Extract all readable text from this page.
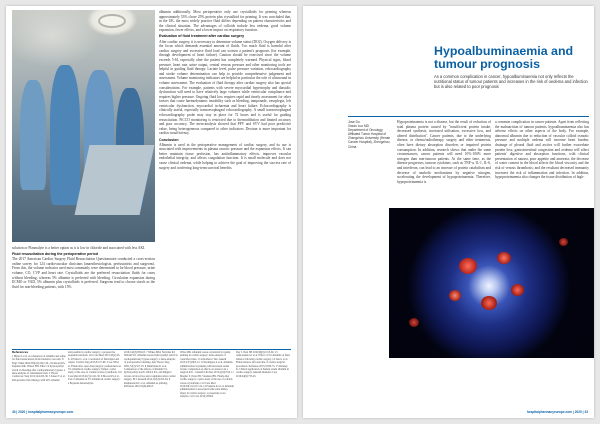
albumin additionally. Most perioperative only use crystalloids for priming whereas approximately 53% chose 25% protein plus crystalloid for priming. It was concluded that, in the UK, the most widely practice fluid differs depending on patient characteristics and the clinical situation. The advantages of colloids include less oedema, good volume expansion, fewer effects, and a lower impact on respiratory function.

Evaluation of fluid treatment after cardiac surgery

After cardiac surgery, it is necessary to determine volume status (DO2). Oxygen delivery is the focus which demands essential amount of fluids. Too much fluid is harmful after cardiac surgery and excessive fluid load can worsen a patient's prognosis (for example, through development of heart failure). Caution should be exercised since the volume exceeds 5-6L especially after the patient has completely warmed. Physical signs, blood pressure, heart rate, urine output, central venous pressure and other monitoring tools are helpful in guiding fluid therapy. Lactate level, pulse pressure variation, echocardiography and stroke volume determination can help to provide comprehensive judgement and assessment. Volume monitoring indicators are helpful in particular the role of ultrasound in volume assessment. The evaluation of fluid therapy after cardiac surgery also has special considerations. For example, patients with severe myocardial hypertrophy and diastolic dysfunction will need to have relatively large volumes while ventricular compliance and requires higher pressure. Ongoing fluid loss requires rapid and timely assessment for other factors that cause haemodynamic instability such as bleeding, tamponade, vasoplegia, left ventricular dysfunction, myocardial ischaemia and heart failure. Echocardiography is clinically useful, especially transoesophageal echocardiography. A small transoesophageal echocardiography probe may stay in place for 72 hours and is useful for guiding resuscitation. PiCCO monitoring is restricted due to thermodilution and limited accuracy and poor accuracy. The meta-analysis showed that PPV and SVV had poor predictive value, being heterogeneous compared to other indicators. Dextran is more important for cardiac insufficiency.

Conclusion

Albumin is used in the perioperative management of cardiac surgery, and its use is associated with improvements in plasma oncotic pressure and the expansion effects. It can better maintain tissue perfusion, has antiinflammatory effects, improves vascular endothelial integrity, and affects coagulation function. It is small molecule and does not cause clinical oedema, while helping to achieve the goal of improving the success rate of surgery and conferring long-term survival benefits.

solution or Plasmalyte is a better option as it is low in chloride and associated with less AKI.

Fluid resuscitation during the perioperative period

The 2017 American Cardiac Surgery Fluid Resuscitation Questionnaire conducted a cross-section online survey for 124 cardiovascular clinicians (anaesthesiologists, perfusionists and surgeons). From this, the volume indicator used most commonly were determined to be blood pressure, urine volume, CO, CVP and heart rate. Crystalloids are the preferred resuscitation fluids for cases without bleeding, whereas 5% albumin is preferred with bleeding. Circulation expansion during ECMO or VAD, 5% albumin plus crystalloids is preferred. Surgeons tend to choose starch as the fluid for non-bleeding patients, with 15%

References
1 Bitter S et al. A comparison of albumin and saline for fluid resuscitation in the intensive care unit. N Engl J Med 2004;350(22):2247-56. 2 Karkouti KS, Rajendra RR, Wilson HW. Effect of hydroxyethyl starch on bleeding after cardiopulmonary bypass: a meta-analysis of randomized trials. J Thorac Cardiovasc Surg 2012;144:223-30. 3 Sasser T et al. Perioperative fluid therapy with 20% albumin
and pessible in cardiac surgery: a prospective sequential analysis. Crit Care Med 2015;43(1):23-8. 4 Ertmer C et al. Correlation of fluid input and output. Cardiac Surg 2015;8:157-66. 5 Lee SH et al. Fluids after open chest surgery: perfusionists on 5% albumin in cardiac surgery: Tampa: a pilot study of the case of volume versus crystalloids. Crit Care Med 2013;41(5):1121-30. 6 Moore KS et al. Use of albumin on 5% albumin in cardiac surgery: a Bayesian metaanalysis
2016;142(3):856-63. 7 Wilkes MM, Navickis RJ, Sibbald WJ. Albumin versus hydroxyethyl starch in cardiopulmonary bypass surgery: a meta-analysis of postoperative bleeding. Ann Thorac Surg 2001;72(2):527-33. 8 Skhirtladze K et al. Comparison of the effects of albumin 5%, hydroxyethyl starch 130/0.4 6%, and Ringer's lactate on blood loss and coagulation after cardiac surgery. Br J Anaesth 2014;112(2):255-64. 9 Rasmussen KC et al. Albumin as priming. Perfusion 2016;31(6):490-8.
Wiles MD. Albumin versus crystalloid for pump priming in cardiac surgery: meta-analysis of controlled trials. J Cardiothorac Vasc Anesth 2013;27(5):905-12. 10 Rodriguez A et al. Albumin administration in patients with increased serum lactate: comparison of effects on anasarca in a surgical ICU. J Anesth Clin Res 2013;4(10):334. 11 Magder S, Potter BJ, Varennes BD. Fluids after cardiac surgery: a pilot study of the use of colloids versus crystalloids. Crit Care Med 2010;38(11):2117-24. 12 Frenette AJ et al. Albumin administration is associated with acute kidney injury in cardiac surgery: a propensity score analysis. Crit Care 2014;18:602.
Dey J. Neal SH 2016;69(9):1153-60. 13 Arnaoutakis GJ et al. Effect of 5% albumin on fluid balance following cardiac surgery. 14 Tsai G et al. Fluids balance and outcome of cardiac surgical procedures. Perfusion 2015;33:68-75. 15 Delaney K. Clinical application of human serum albumin in cardiac surgery. Anaesth Intensive Care 2016;44(6):735-45.
40 | 2020 | hospitalpharmacyeurope.com
Hypoalbuminaemia and tumour prognosis
As a common complication in cancer, hypoalbuminaemia not only reflects the nutritional status of tumour patients and increases in the risk of oedema and infection but is also related to poor prognosis
Jose Du
Xiaolu Luo MD
Department of Oncology, Affiliated Tumor Hospital of Zhengzhou University (Henan Cancer Hospital), Zhengzhou, China

Hypoproteinaemia is not a disease, but the result of reduction of total plasma protein caused by "insufficient protein intake, decreased synthesis, increased utilisation, excessive loss, and altered distribution". Cancer patients, due to the underlying disease, or chemo/radiotherapy, surgery and other treatments, often have dietary absorption disorders or impaired protein consumption. In addition, research shows that under the same circumstances, cancer patients will need 10%-100% more nitrogen than non-tumour patients. At the same time, as the disease progresses, tumour cytokines, such as TNF-a, IL-1, IL-6, and interferon, can lead to an increase of protein catabolism and decrease of anabolic mechanisms by negative nitrogen, accelerating the development of hypoproteinaemia. Therefore, hypoproteinaemia is

a common complication in cancer patients. Apart from reflecting the malnutrition of tumour patients, hypoalbuminaemia also has adverse effects on other aspects of the body. For example, abnormal albumin due to reduction of vascular colloid osmotic pressure and multiple oedema will increase heart burden; drainage of pleural fluid and ascites will further exacerbate protein loss; gastrointestinal congestion and oedema will affect patients' digestive and absorption functions, with clinical presentation of nausea, poor appetite and anorexia; the decrease of water content in the blood affects the blood viscosity and the risk of venous thrombosis; and the resultant decreased immunity increases the risk of inflammation and infection. In addition, hypoproteinaemia also changes the tissue distribution of high-

hospitalpharmacyeurope.com | 2020 | 33
